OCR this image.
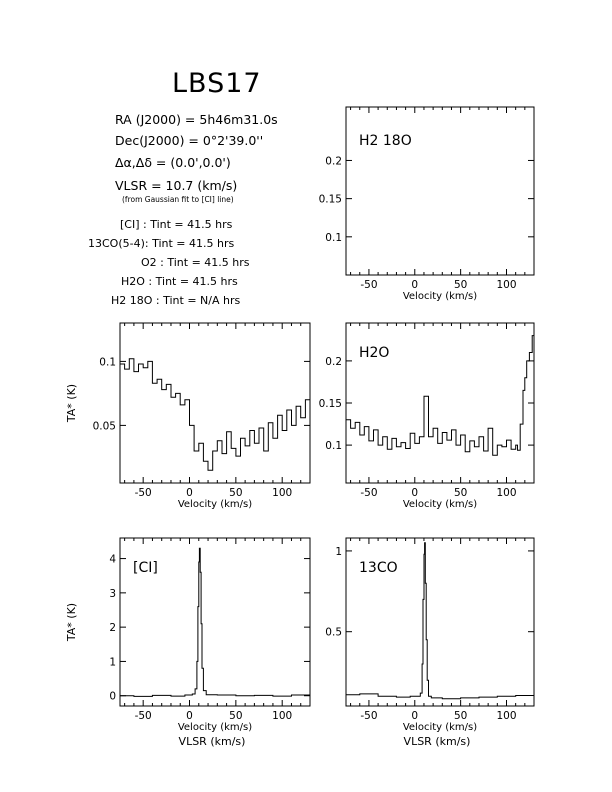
LBS17
RA (J2000) = 5h46m31.0s
Dec(J2000) = 0°2'39.0''
Δα,Δδ = (0.0',0.0')
VLSR = 10.7 (km/s)
(from Gaussian fit to [CI] line)
[CI] : Tint = 41.5 hrs
13CO(5-4): Tint = 41.5 hrs
O2 : Tint = 41.5 hrs
H2O : Tint = 41.5 hrs
H2 18O : Tint = N/A hrs
-50	0	50	100
0.1
0.15
0.2
Velocity (km/s)
H2 18O
-50	0	50	100
0.05
0.1
Velocity (km/s)
TA* (K)
-50	0	50	100
0.1
0.15
0.2
Velocity (km/s)
H2O
-50	0	50	100
0
1
2
3
4
Velocity (km/s)
TA* (K)
[CI]
-50	0	50	100
0.5
1
Velocity (km/s)
13CO
VLSR (km/s)	VLSR (km/s)
